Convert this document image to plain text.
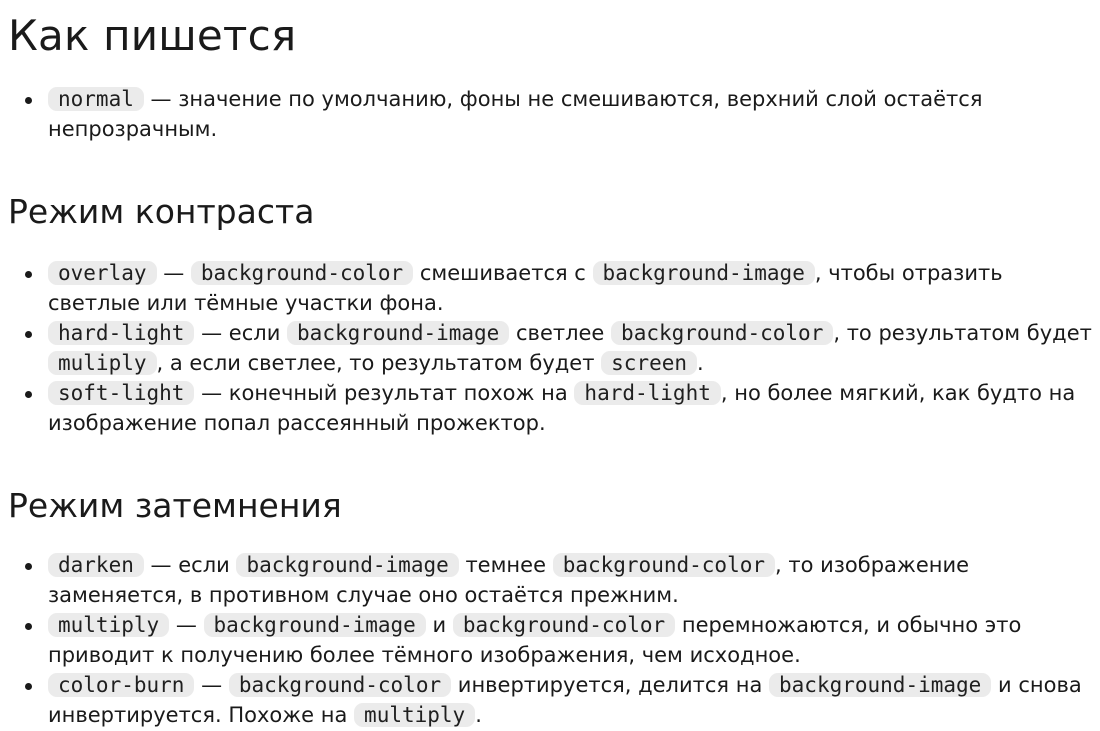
Как пишется
normal — значение по умолчанию, фоны не смешиваются, верхний слой остаётся непрозрачным.
Режим контраста
overlay — background-color смешивается с background-image , чтобы отразить светлые или тёмные участки фона.
hard-light — если background-image светлее background-color , то результатом будет muliply , а если светлее, то результатом будет screen .
soft-light — конечный результат похож на hard-light , но более мягкий, как будто на изображение попал рассеянный прожектор.
Режим затемнения
darken — если background-image темнее background-color , то изображение заменяется, в противном случае оно остаётся прежним.
multiply — background-image и background-color перемножаются, и обычно это приводит к получению более тёмного изображения, чем исходное.
color-burn — background-color инвертируется, делится на background-image и снова инвертируется. Похоже на multiply .
